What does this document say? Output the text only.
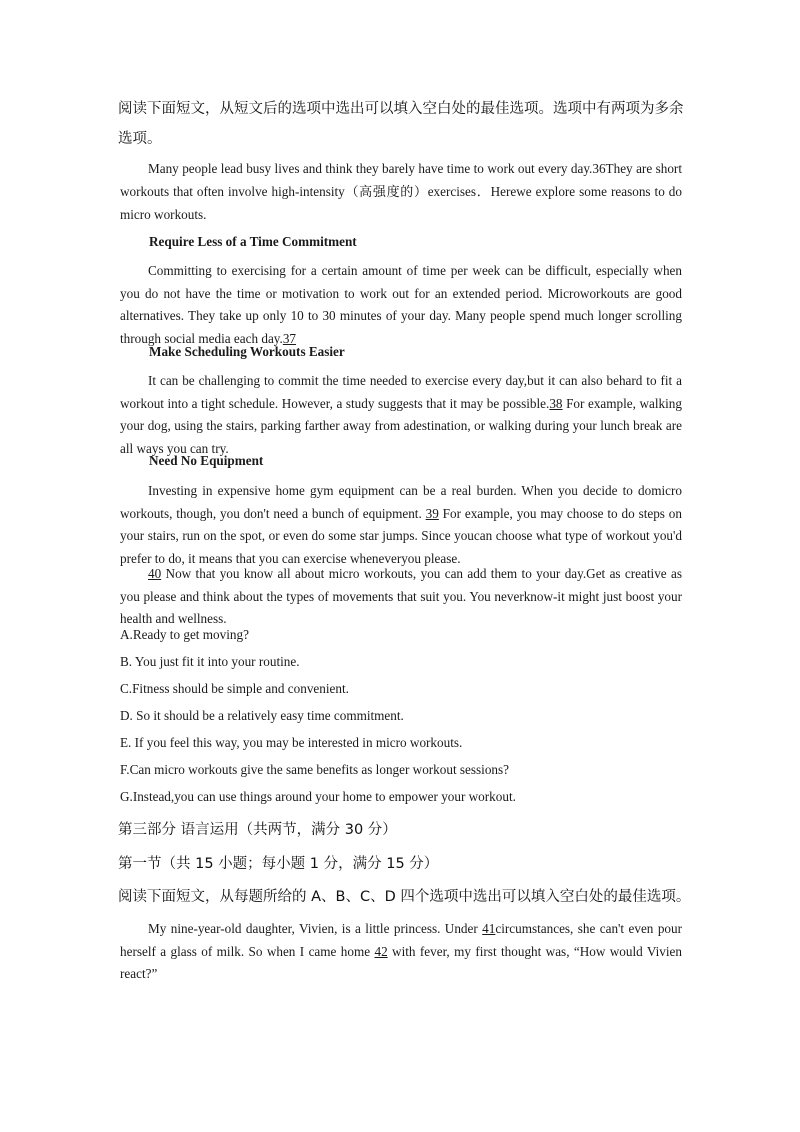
阅读下面短文，从短文后的选项中选出可以填入空白处的最佳选项。选项中有两项为多余选项。

Many people lead busy lives and think they barely have time to work out every day.36They are short workouts that often involve high-intensity（高强度的）exercises．Herewe explore some reasons to do micro workouts.

Require Less of a Time Commitment

Committing to exercising for a certain amount of time per week can be difficult, especially when you do not have the time or motivation to work out for an extended period. Microworkouts are good alternatives. They take up only 10 to 30 minutes of your day. Many people spend much longer scrolling through social media each day.37

Make Scheduling Workouts Easier

It can be challenging to commit the time needed to exercise every day,but it can also behard to fit a workout into a tight schedule. However, a study suggests that it may be possible.38 For example, walking your dog, using the stairs, parking farther away from adestination, or walking during your lunch break are all ways you can try.

Need No Equipment

Investing in expensive home gym equipment can be a real burden. When you decide to domicro workouts, though, you don't need a bunch of equipment. 39 For example, you may choose to do steps on your stairs, run on the spot, or even do some star jumps. Since youcan choose what type of workout you'd prefer to do, it means that you can exercise wheneveryou please.

40 Now that you know all about micro workouts, you can add them to your day.Get as creative as you please and think about the types of movements that suit you. You neverknow-it might just boost your health and wellness.

A.Ready to get moving?
B. You just fit it into your routine.
C.Fitness should be simple and convenient.
D. So it should be a relatively easy time commitment.
E. If you feel this way, you may be interested in micro workouts.
F.Can micro workouts give the same benefits as longer workout sessions?
G.Instead,you can use things around your home to empower your workout.
第三部分 语言运用（共两节，满分 30 分）
第一节（共 15 小题；每小题 1 分，满分 15 分）
阅读下面短文，从每题所给的 A、B、C、D 四个选项中选出可以填入空白处的最佳选项。

My nine-year-old daughter, Vivien, is a little princess. Under 41circumstances, she can't even pour herself a glass of milk. So when I came home 42 with fever, my first thought was, “How would Vivien react?”
